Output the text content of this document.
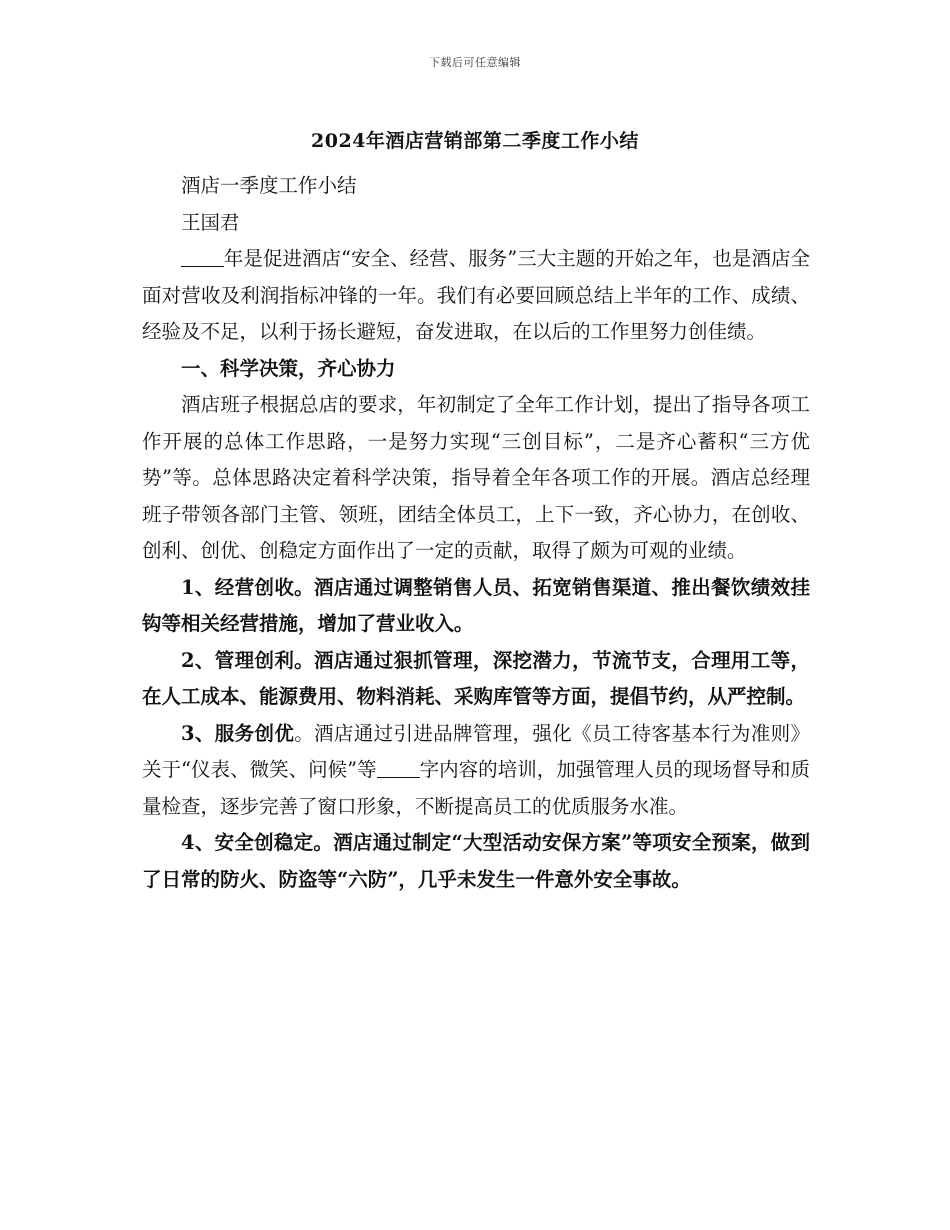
下载后可任意编辑
2024年酒店营销部第二季度工作小结

酒店一季度工作小结

王国君

年是促进酒店“安全、经营、服务”三大主题的开始之年，也是酒店全面对营收及利润指标冲锋的一年。我们有必要回顾总结上半年的工作、成绩、经验及不足，以利于扬长避短，奋发进取，在以后的工作里努力创佳绩。

一、科学决策，齐心协力

酒店班子根据总店的要求，年初制定了全年工作计划，提出了指导各项工作开展的总体工作思路，一是努力实现“三创目标”，二是齐心蓄积“三方优势”等。总体思路决定着科学决策，指导着全年各项工作的开展。酒店总经理班子带领各部门主管、领班，团结全体员工，上下一致，齐心协力，在创收、创利、创优、创稳定方面作出了一定的贡献，取得了颇为可观的业绩。

1、经营创收。酒店通过调整销售人员、拓宽销售渠道、推出餐饮绩效挂钩等相关经营措施，增加了营业收入。

2、管理创利。酒店通过狠抓管理，深挖潜力，节流节支，合理用工等，在人工成本、能源费用、物料消耗、采购库管等方面，提倡节约，从严控制。

3、服务创优。酒店通过引进品牌管理，强化《员工待客基本行为准则》关于“仪表、微笑、问候”等 字内容的培训，加强管理人员的现场督导和质量检查，逐步完善了窗口形象，不断提高员工的优质服务水准。

4、安全创稳定。酒店通过制定“大型活动安保方案”等项安全预案，做到了日常的防火、防盗等“六防”，几乎未发生一件意外安全事故。
